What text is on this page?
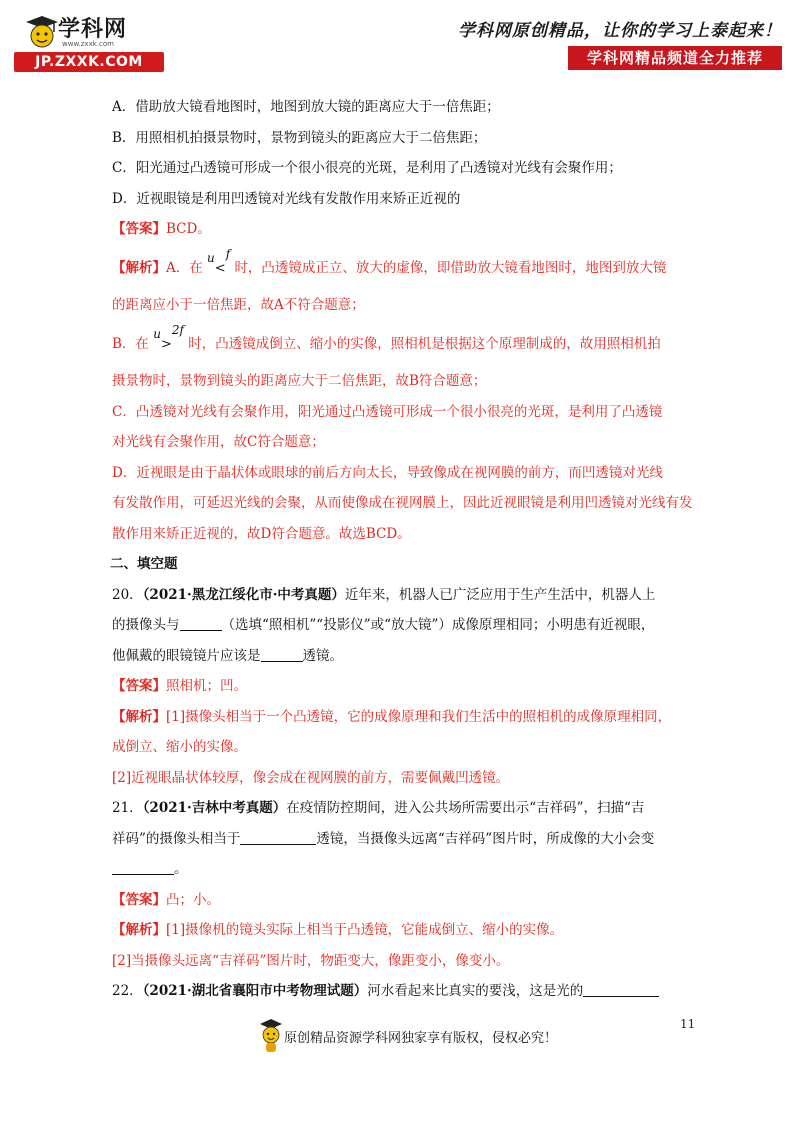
学科网
www.zxxk.com
JP.ZXXK.COM
学科网原创精品，让你的学习上泰起来！
学科网精品频道全力推荐
A．借助放大镜看地图时，地图到放大镜的距离应大于一倍焦距；
B．用照相机拍摄景物时，景物到镜头的距离应大于二倍焦距；
C．阳光通过凸透镜可形成一个很小很亮的光斑，是利用了凸透镜对光线有会聚作用；
D．近视眼镜是利用凹透镜对光线有发散作用来矫正近视的
【答案】BCD。
【解析】A．在 u<f 时，凸透镜成正立、放大的虚像，即借助放大镜看地图时，地图到放大镜
的距离应小于一倍焦距，故A不符合题意；
B．在 u>2f 时，凸透镜成倒立、缩小的实像，照相机是根据这个原理制成的，故用照相机拍
摄景物时，景物到镜头的距离应大于二倍焦距，故B符合题意；
C．凸透镜对光线有会聚作用，阳光通过凸透镜可形成一个很小很亮的光斑，是利用了凸透镜
对光线有会聚作用，故C符合题意；
D．近视眼是由于晶状体或眼球的前后方向太长，导致像成在视网膜的前方，而凹透镜对光线
有发散作用，可延迟光线的会聚，从而使像成在视网膜上，因此近视眼镜是利用凹透镜对光线有发
散作用来矫正近视的，故D符合题意。故选BCD。
二、填空题
20．（2021·黑龙江绥化市·中考真题）近年来，机器人已广泛应用于生产生活中，机器人上
的摄像头与	（选填“照相机”“投影仪”或“放大镜”）成像原理相同；小明患有近视眼，
他佩戴的眼镜镜片应该是	透镜。
【答案】照相机；凹。
【解析】[1]摄像头相当于一个凸透镜，它的成像原理和我们生活中的照相机的成像原理相同，
成倒立、缩小的实像。
[2]近视眼晶状体较厚，像会成在视网膜的前方，需要佩戴凹透镜。
21．（2021·吉林中考真题）在疫情防控期间，进入公共场所需要出示“吉祥码”，扫描“吉
祥码”的摄像头相当于	透镜，当摄像头远离“吉祥码”图片时，所成像的大小会变
。
【答案】凸；小。
【解析】[1]摄像机的镜头实际上相当于凸透镜，它能成倒立、缩小的实像。
[2]当摄像头远离“吉祥码”图片时，物距变大，像距变小，像变小。
22．（2021·湖北省襄阳市中考物理试题）河水看起来比真实的要浅，这是光的
11
原创精品资源学科网独家享有版权，侵权必究！
